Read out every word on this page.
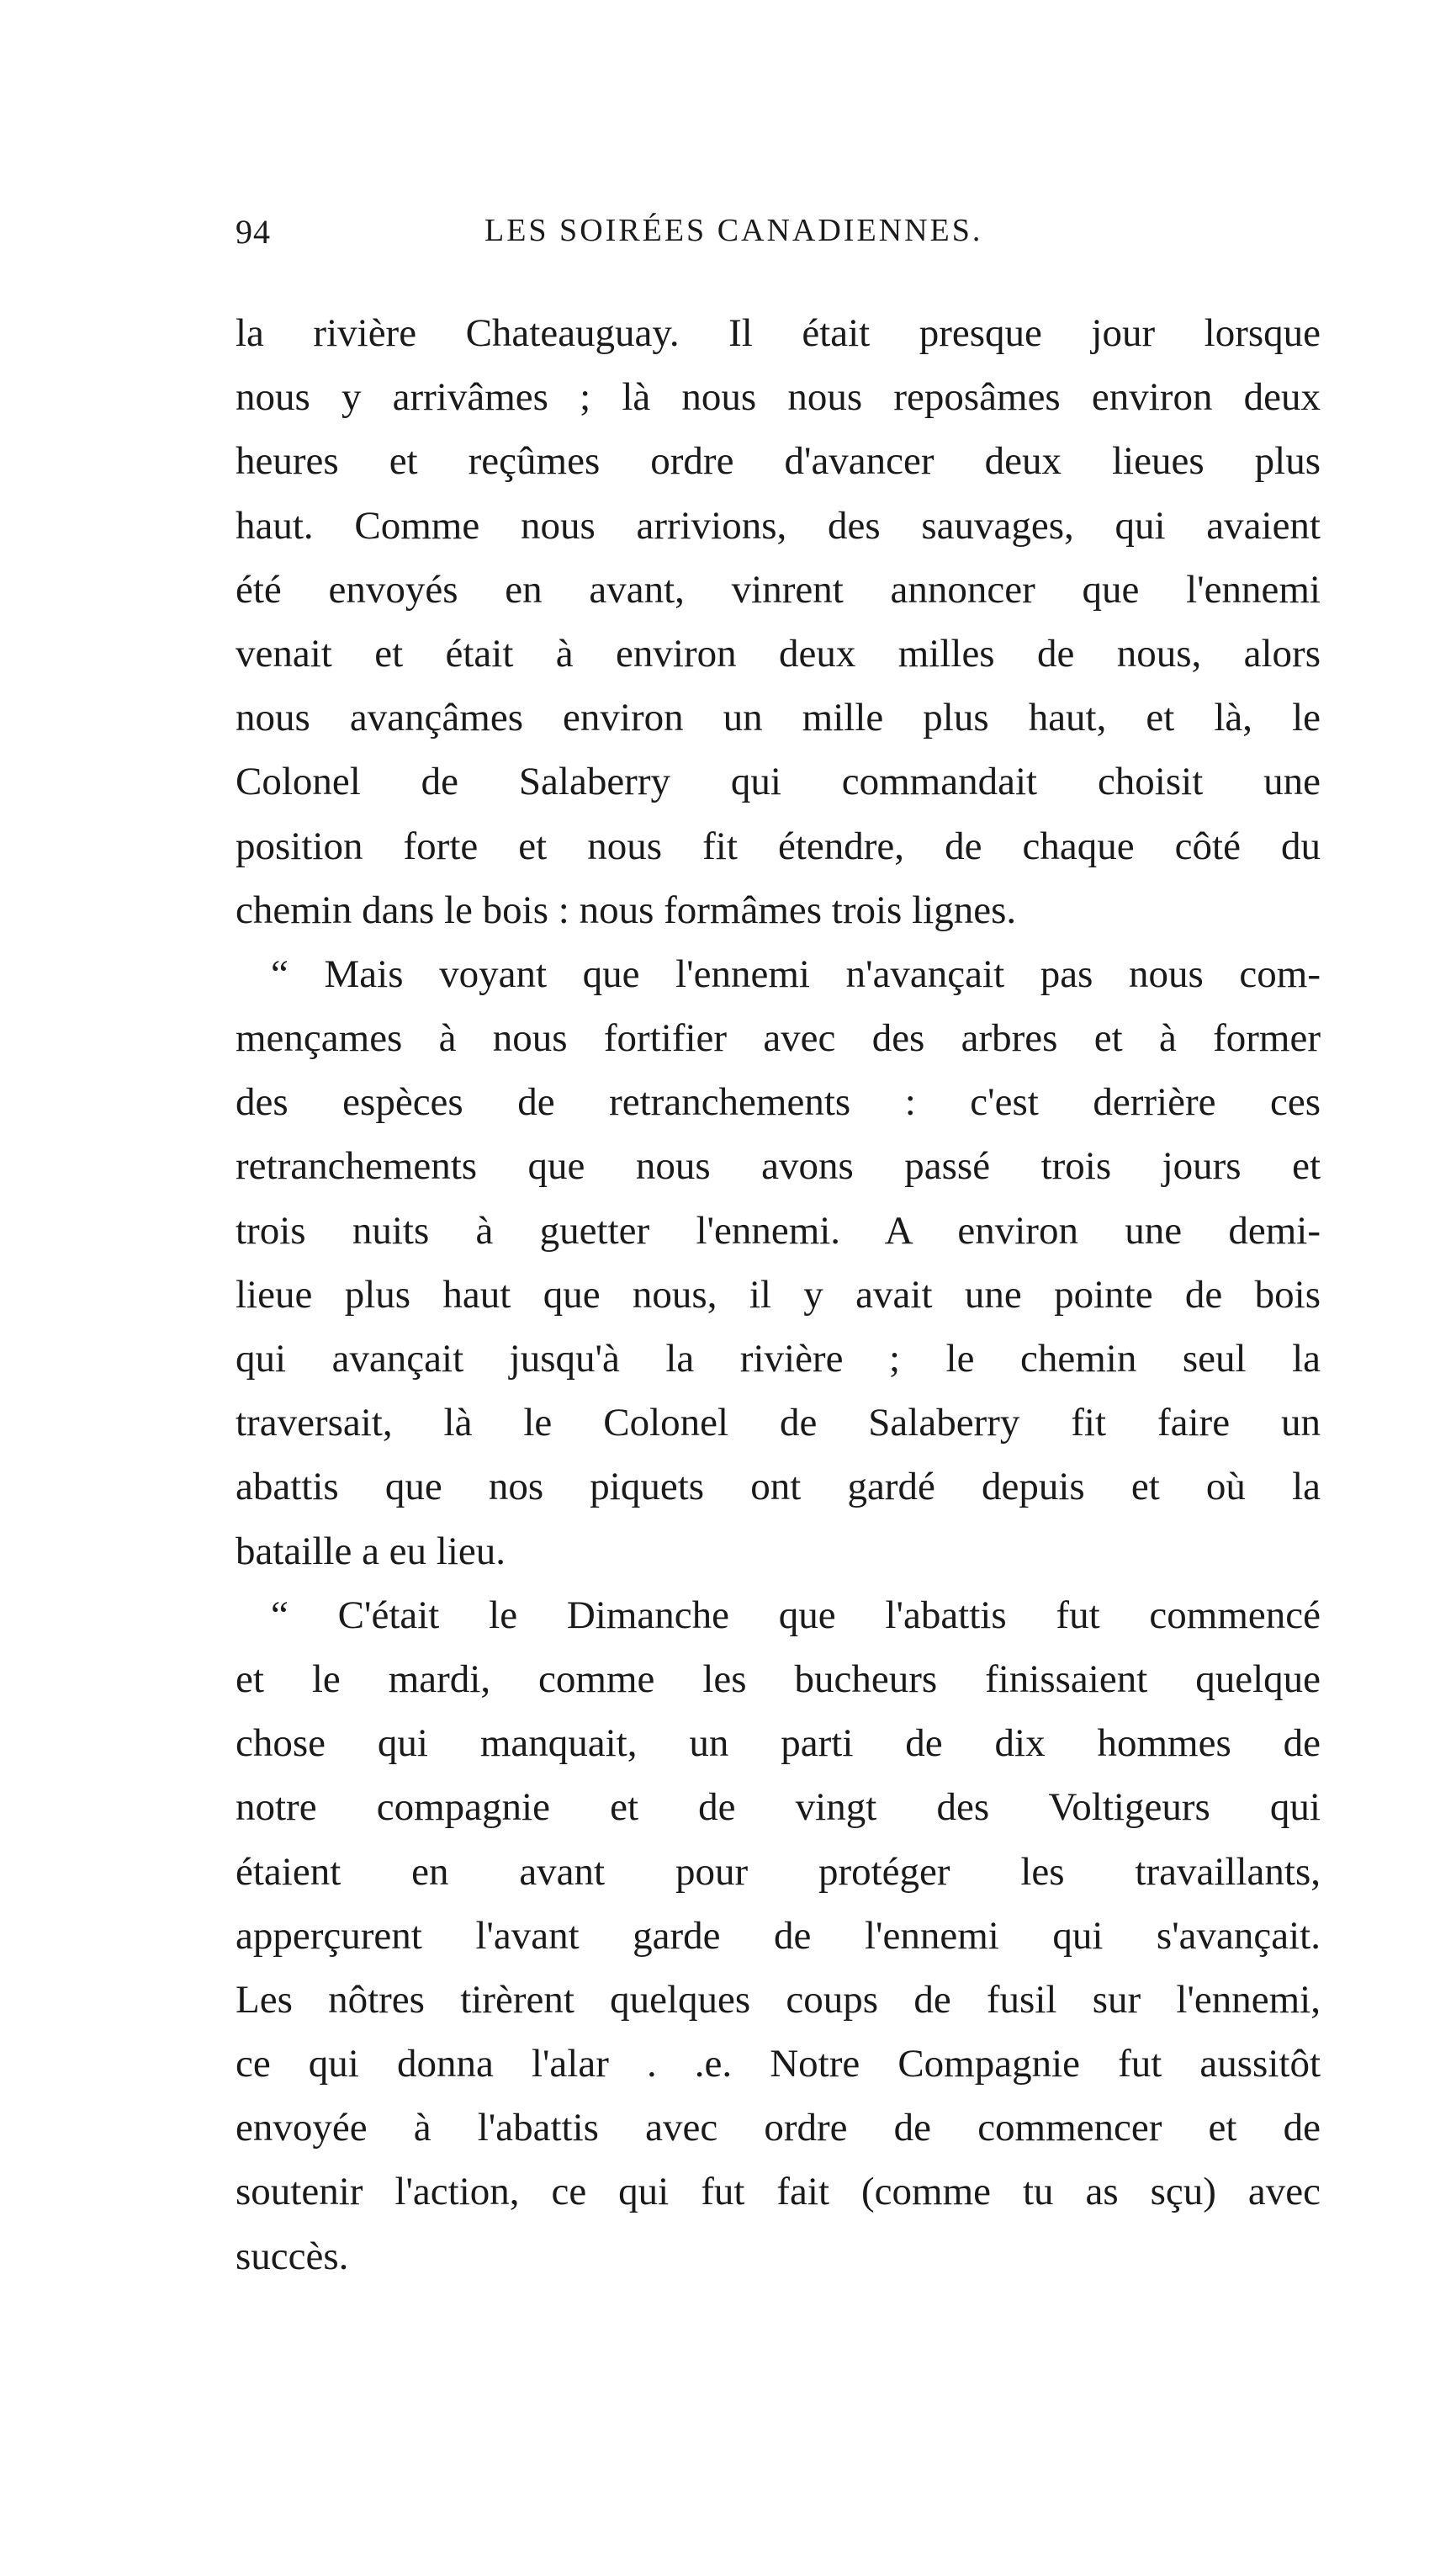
94	LES SOIRÉES CANADIENNES.
la rivière Chateauguay. Il était presque jour lorsque
nous y arrivâmes ; là nous nous reposâmes environ deux
heures et reçûmes ordre d'avancer deux lieues plus
haut. Comme nous arrivions, des sauvages, qui avaient
été envoyés en avant, vinrent annoncer que l'ennemi
venait et était à environ deux milles de nous, alors
nous avançâmes environ un mille plus haut, et là, le
Colonel de Salaberry qui commandait choisit une
position forte et nous fit étendre, de chaque côté du
chemin dans le bois : nous formâmes trois lignes.
“ Mais voyant que l'ennemi n'avançait pas nous com-
mençames à nous fortifier avec des arbres et à former
des espèces de retranchements : c'est derrière ces
retranchements que nous avons passé trois jours et
trois nuits à guetter l'ennemi. A environ une demi-
lieue plus haut que nous, il y avait une pointe de bois
qui avançait jusqu'à la rivière ; le chemin seul la
traversait, là le Colonel de Salaberry fit faire un
abattis que nos piquets ont gardé depuis et où la
bataille a eu lieu.
“ C'était le Dimanche que l'abattis fut commencé
et le mardi, comme les bucheurs finissaient quelque
chose qui manquait, un parti de dix hommes de
notre compagnie et de vingt des Voltigeurs qui
étaient en avant pour protéger les travaillants,
apperçurent l'avant garde de l'ennemi qui s'avançait.
Les nôtres tirèrent quelques coups de fusil sur l'ennemi,
ce qui donna l'alar . .e. Notre Compagnie fut aussitôt
envoyée à l'abattis avec ordre de commencer et de
soutenir l'action, ce qui fut fait (comme tu as sçu) avec
succès.
